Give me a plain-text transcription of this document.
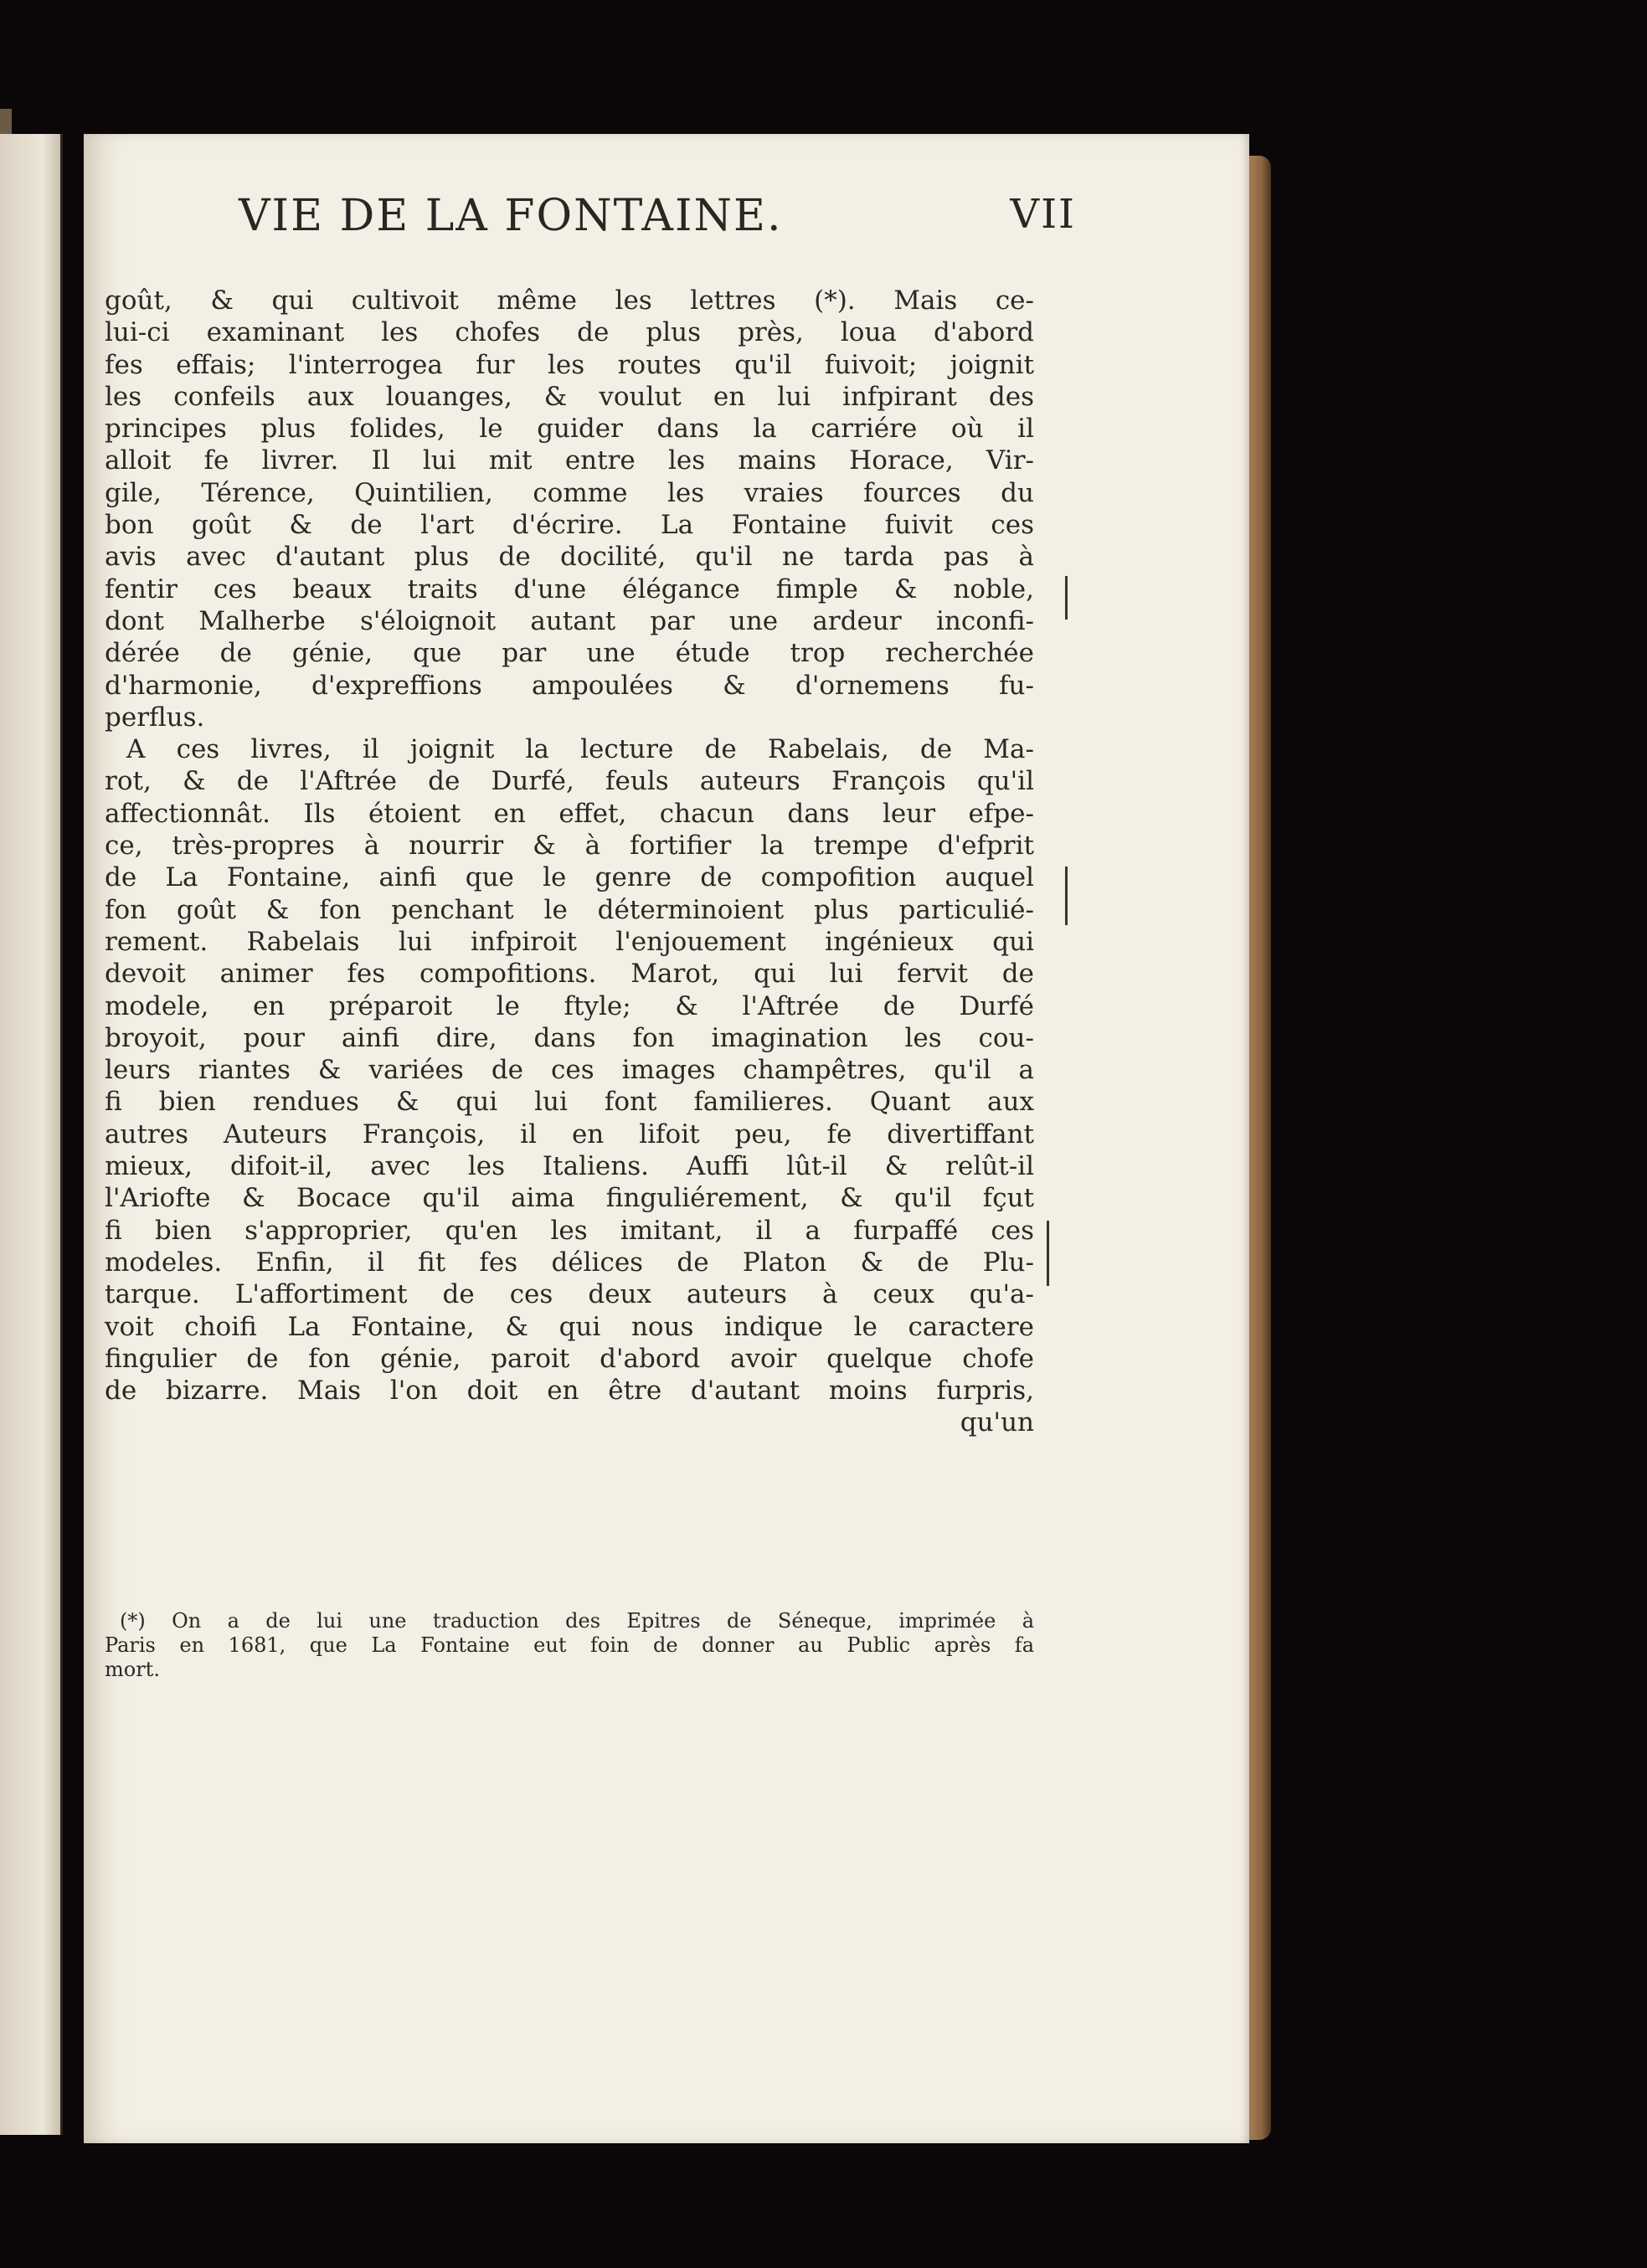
VIE DE LA FONTAINE.	VII
goût, & qui cultivoit même les lettres (*). Mais ce-
lui-ci examinant les chofes de plus près, loua d'abord
fes effais; l'interrogea fur les routes qu'il fuivoit; joignit
les confeils aux louanges, & voulut en lui infpirant des
principes plus folides, le guider dans la carriére où il
alloit fe livrer. Il lui mit entre les mains Horace, Vir-
gile, Térence, Quintilien, comme les vraies fources du
bon goût & de l'art d'écrire. La Fontaine fuivit ces
avis avec d'autant plus de docilité, qu'il ne tarda pas à
fentir ces beaux traits d'une élégance fimple & noble,
dont Malherbe s'éloignoit autant par une ardeur inconfi-
dérée de génie, que par une étude trop recherchée
d'harmonie, d'expreffions ampoulées & d'ornemens fu-
perflus.
A ces livres, il joignit la lecture de Rabelais, de Ma-
rot, & de l'Aftrée de Durfé, feuls auteurs François qu'il
affectionnât. Ils étoient en effet, chacun dans leur efpe-
ce, très-propres à nourrir & à fortifier la trempe d'efprit
de La Fontaine, ainfi que le genre de compofition auquel
fon goût & fon penchant le déterminoient plus particulié-
rement. Rabelais lui infpiroit l'enjouement ingénieux qui
devoit animer fes compofitions. Marot, qui lui fervit de
modele, en préparoit le ftyle; & l'Aftrée de Durfé
broyoit, pour ainfi dire, dans fon imagination les cou-
leurs riantes & variées de ces images champêtres, qu'il a
fi bien rendues & qui lui font familieres. Quant aux
autres Auteurs François, il en lifoit peu, fe divertiffant
mieux, difoit-il, avec les Italiens. Auffi lût-il & relût-il
l'Ariofte & Bocace qu'il aima finguliérement, & qu'il fçut
fi bien s'approprier, qu'en les imitant, il a furpaffé ces
modeles. Enfin, il fit fes délices de Platon & de Plu-
tarque. L'affortiment de ces deux auteurs à ceux qu'a-
voit choifi La Fontaine, & qui nous indique le caractere
fingulier de fon génie, paroit d'abord avoir quelque chofe
de bizarre. Mais l'on doit en être d'autant moins furpris,
qu'un
(*) On a de lui une traduction des Epitres de Séneque, imprimée à
Paris en 1681, que La Fontaine eut foin de donner au Public après fa
mort.
